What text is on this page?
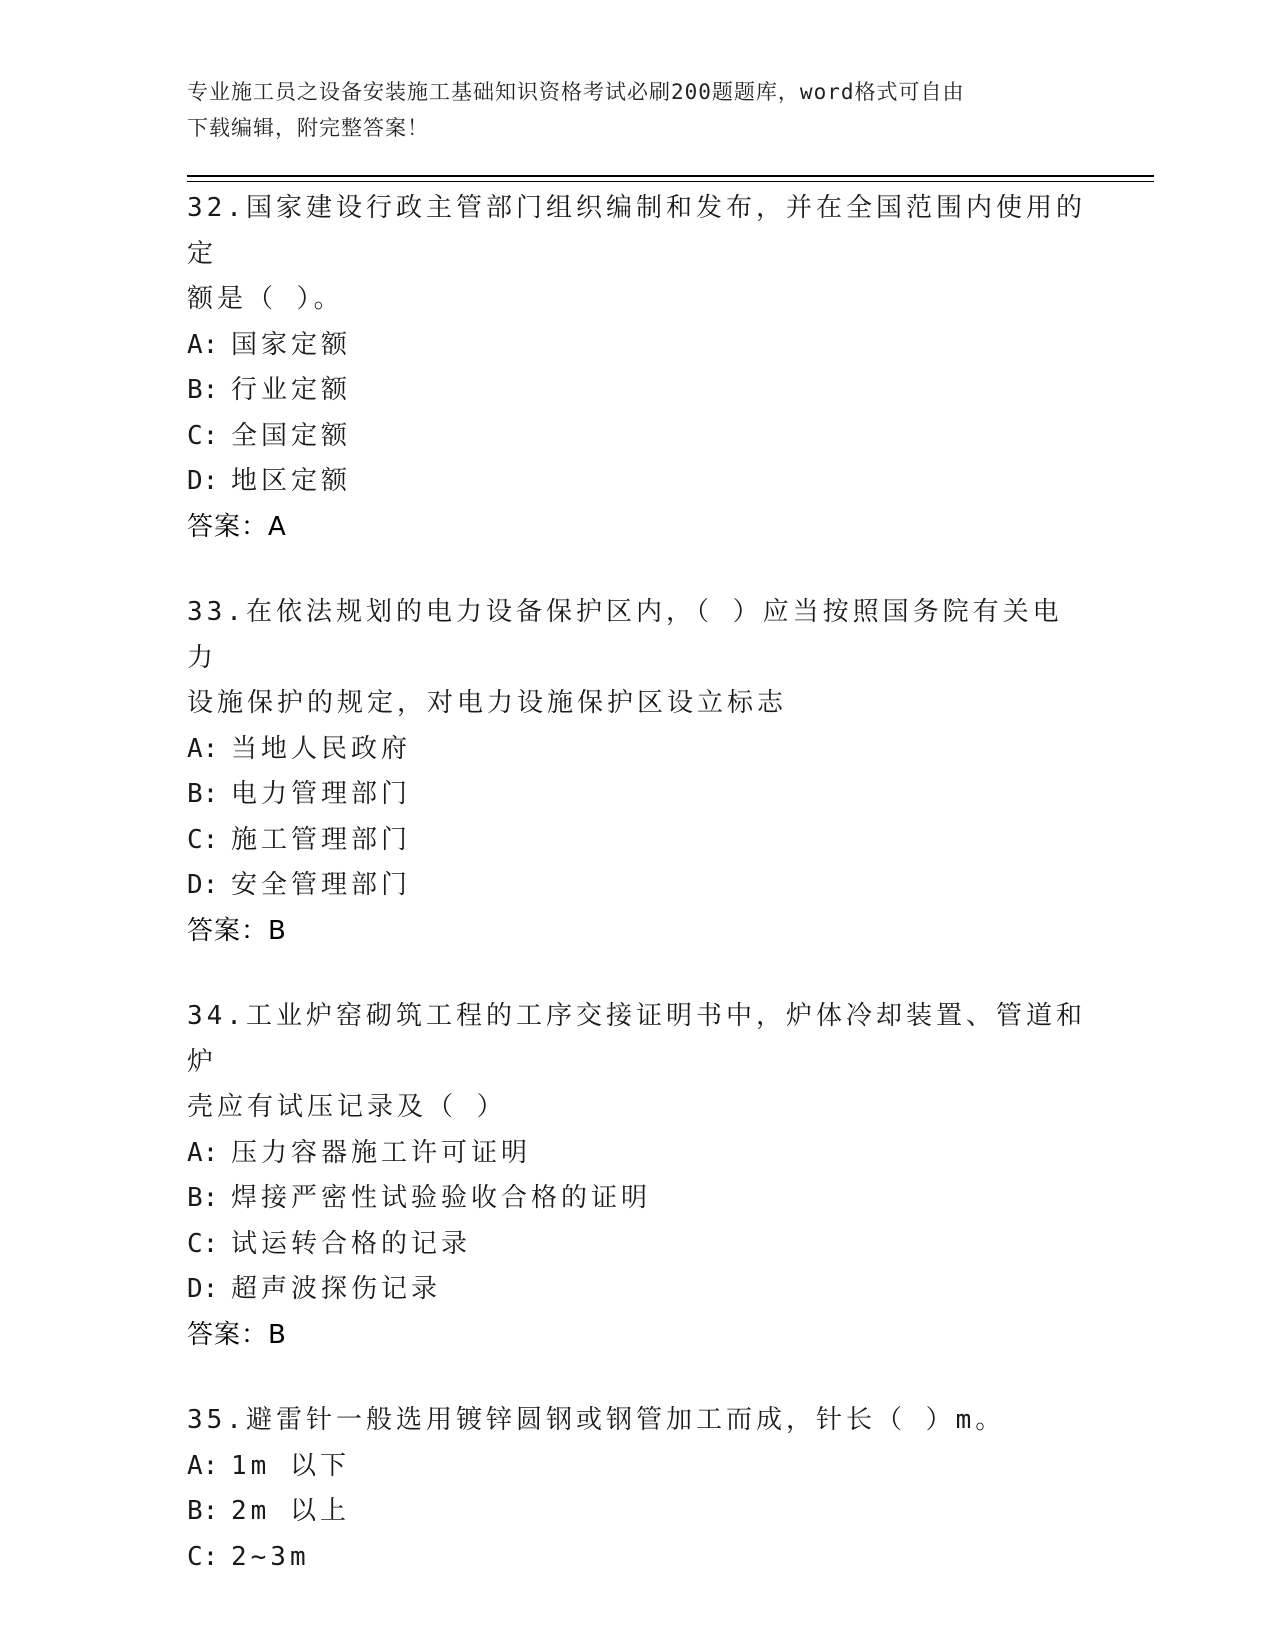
专业施工员之设备安装施工基础知识资格考试必刷200题题库，word格式可自由
下载编辑，附完整答案！
32.国家建设行政主管部门组织编制和发布，并在全国范围内使用的定
额是（ ）。
A: 国家定额
B: 行业定额
C: 全国定额
D: 地区定额
答案：A
33.在依法规划的电力设备保护区内，（ ）应当按照国务院有关电力
设施保护的规定，对电力设施保护区设立标志
A: 当地人民政府
B: 电力管理部门
C: 施工管理部门
D: 安全管理部门
答案：B
34.工业炉窑砌筑工程的工序交接证明书中，炉体冷却装置、管道和炉
壳应有试压记录及（ ）
A: 压力容器施工许可证明
B: 焊接严密性试验验收合格的证明
C: 试运转合格的记录
D: 超声波探伤记录
答案：B
35.避雷针一般选用镀锌圆钢或钢管加工而成，针长（ ）m。
A: 1m 以下
B: 2m 以上
C: 2~3m
